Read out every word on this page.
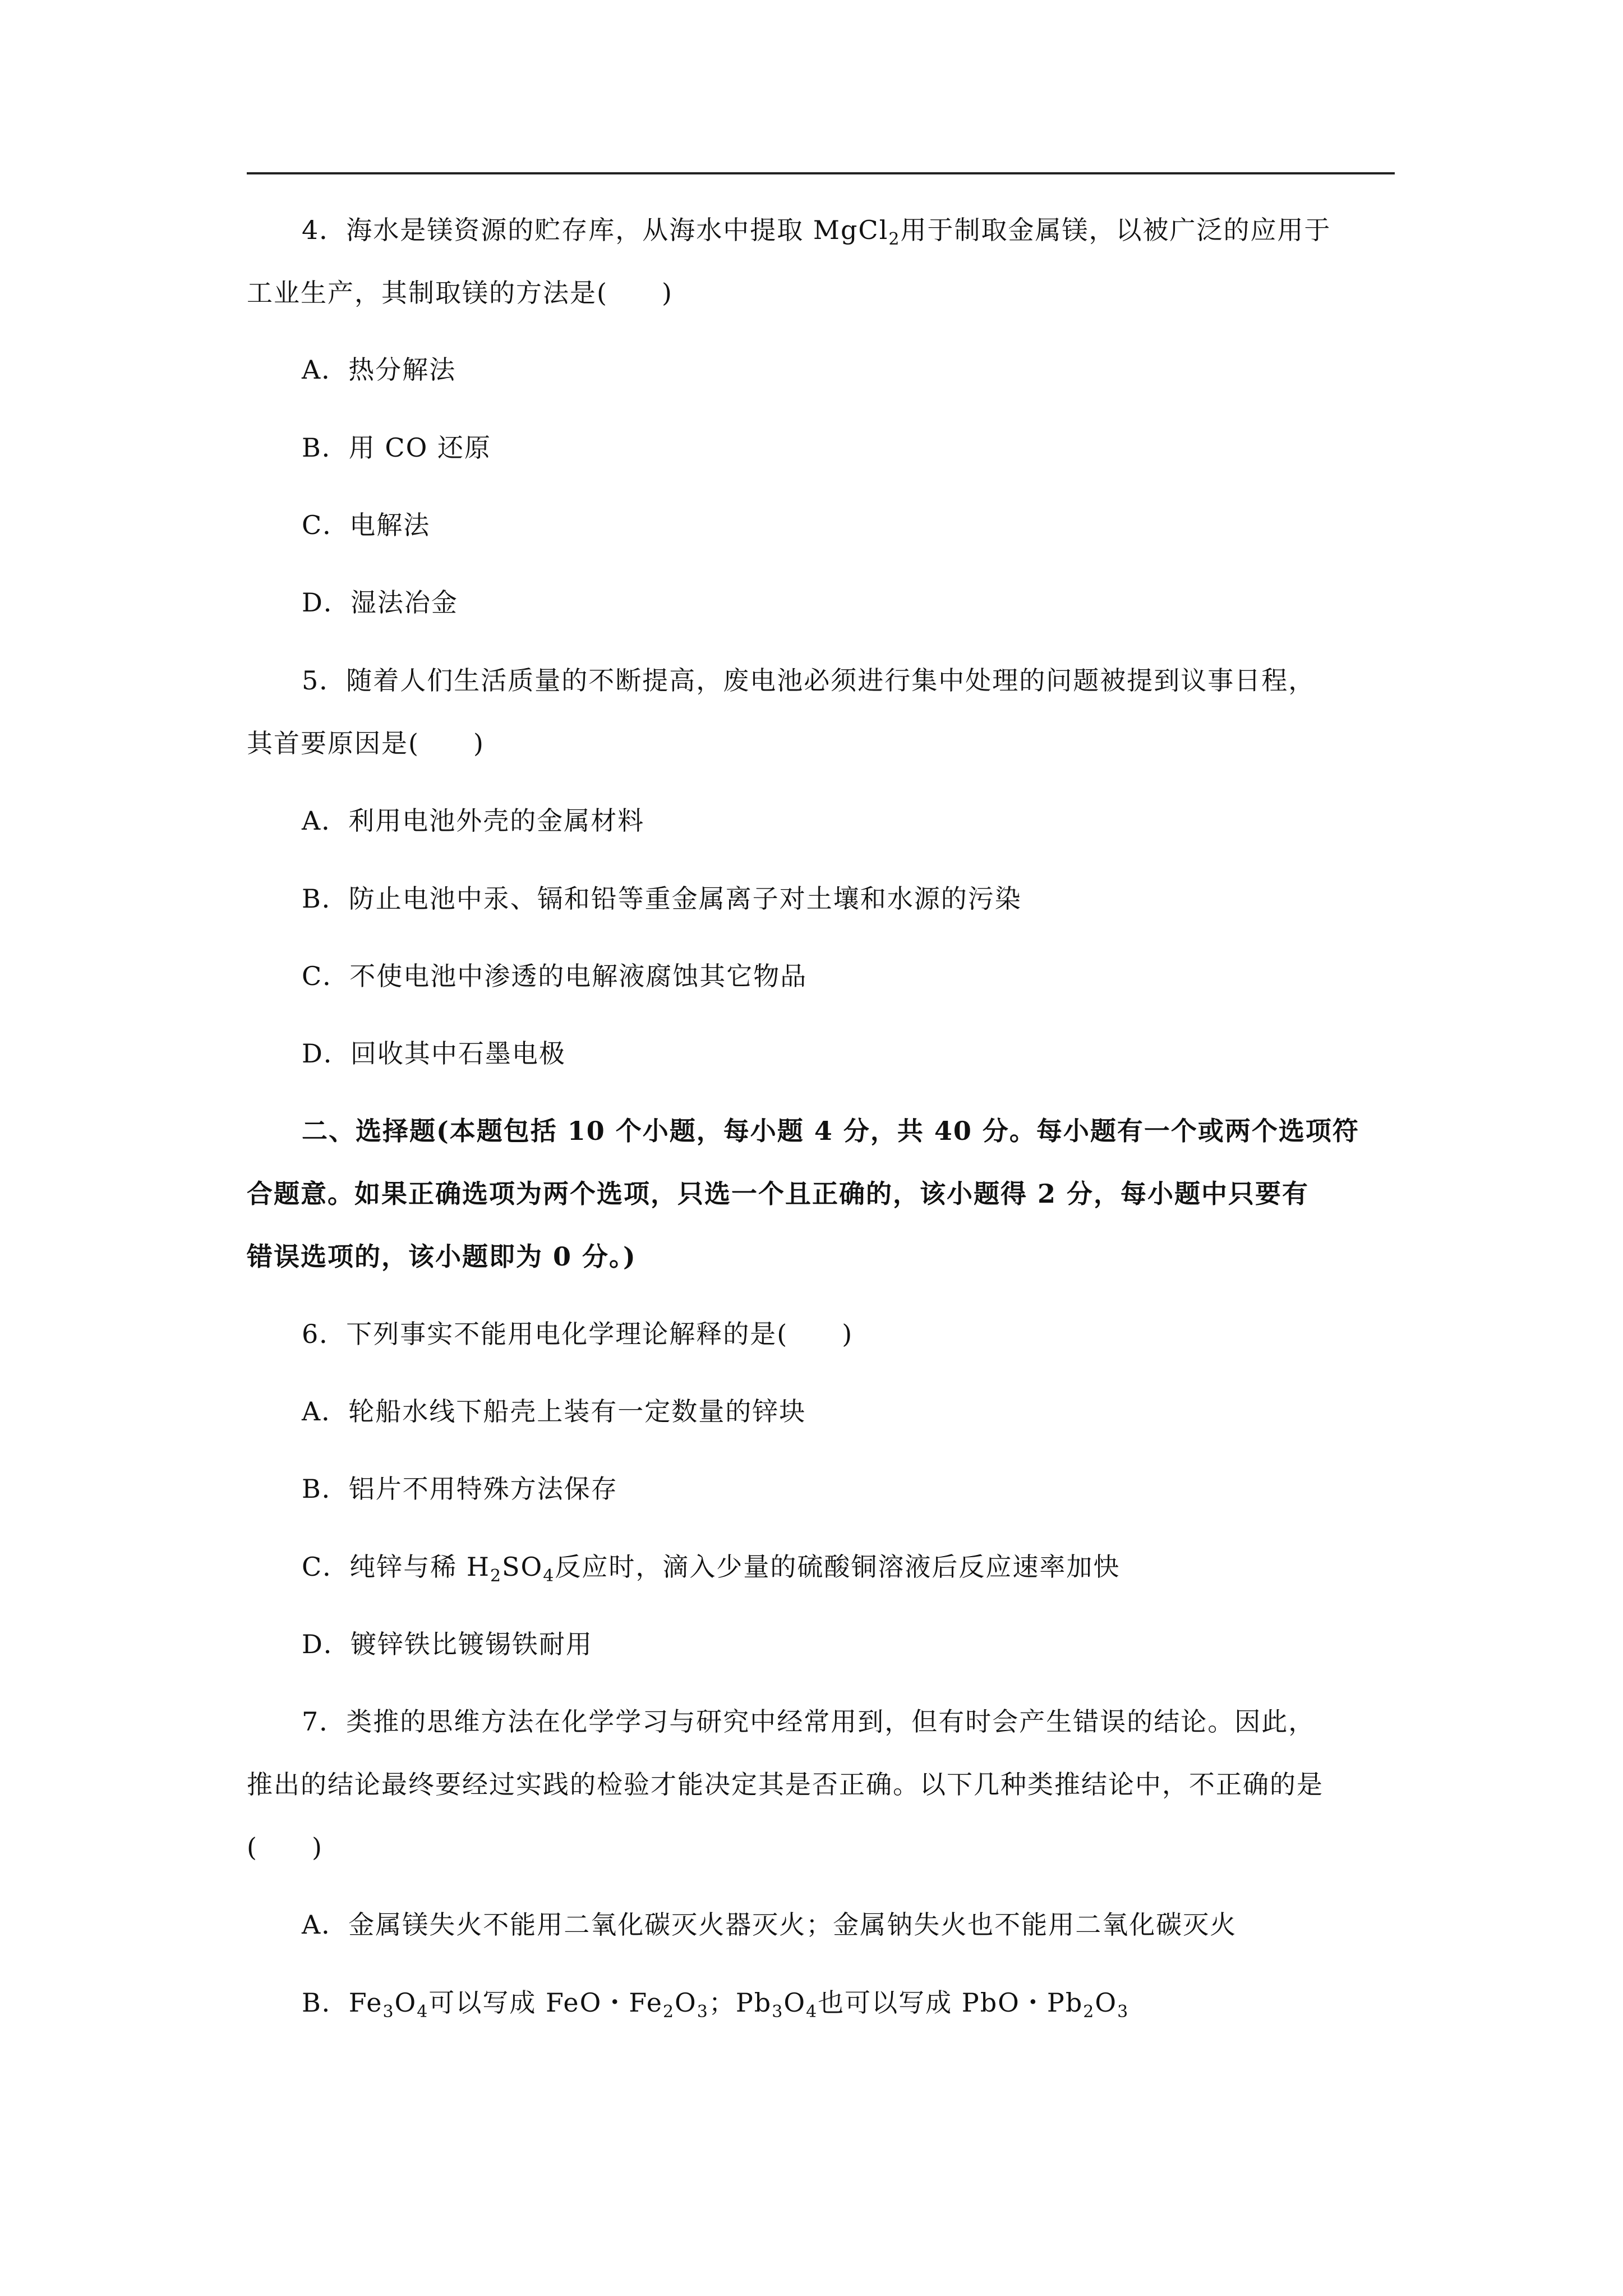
4．海水是镁资源的贮存库，从海水中提取 MgCl$_2$用于制取金属镁，以被广泛的应用于
工业生产，其制取镁的方法是(　　)
A．热分解法
B．用 CO 还原
C．电解法
D．湿法冶金
5．随着人们生活质量的不断提高，废电池必须进行集中处理的问题被提到议事日程，
其首要原因是(　　)
A．利用电池外壳的金属材料
B．防止电池中汞、镉和铅等重金属离子对土壤和水源的污染
C．不使电池中渗透的电解液腐蚀其它物品
D．回收其中石墨电极
二、选择题(本题包括 10 个小题，每小题 4 分，共 40 分。每小题有一个或两个选项符
合题意。如果正确选项为两个选项，只选一个且正确的，该小题得 2 分，每小题中只要有
错误选项的，该小题即为 0 分。)
6．下列事实不能用电化学理论解释的是(　　)
A．轮船水线下船壳上装有一定数量的锌块
B．铝片不用特殊方法保存
C．纯锌与稀 $H_2SO_4$反应时，滴入少量的硫酸铜溶液后反应速率加快
D．镀锌铁比镀锡铁耐用
7．类推的思维方法在化学学习与研究中经常用到，但有时会产生错误的结论。因此，
推出的结论最终要经过实践的检验才能决定其是否正确。以下几种类推结论中，不正确的是
(　　)
A．金属镁失火不能用二氧化碳灭火器灭火；金属钠失火也不能用二氧化碳灭火
B．$Fe_3O_4$可以写成 FeO・$Fe_2O_3$；$Pb_3O_4$也可以写成 PbO・$Pb_2O_3$
